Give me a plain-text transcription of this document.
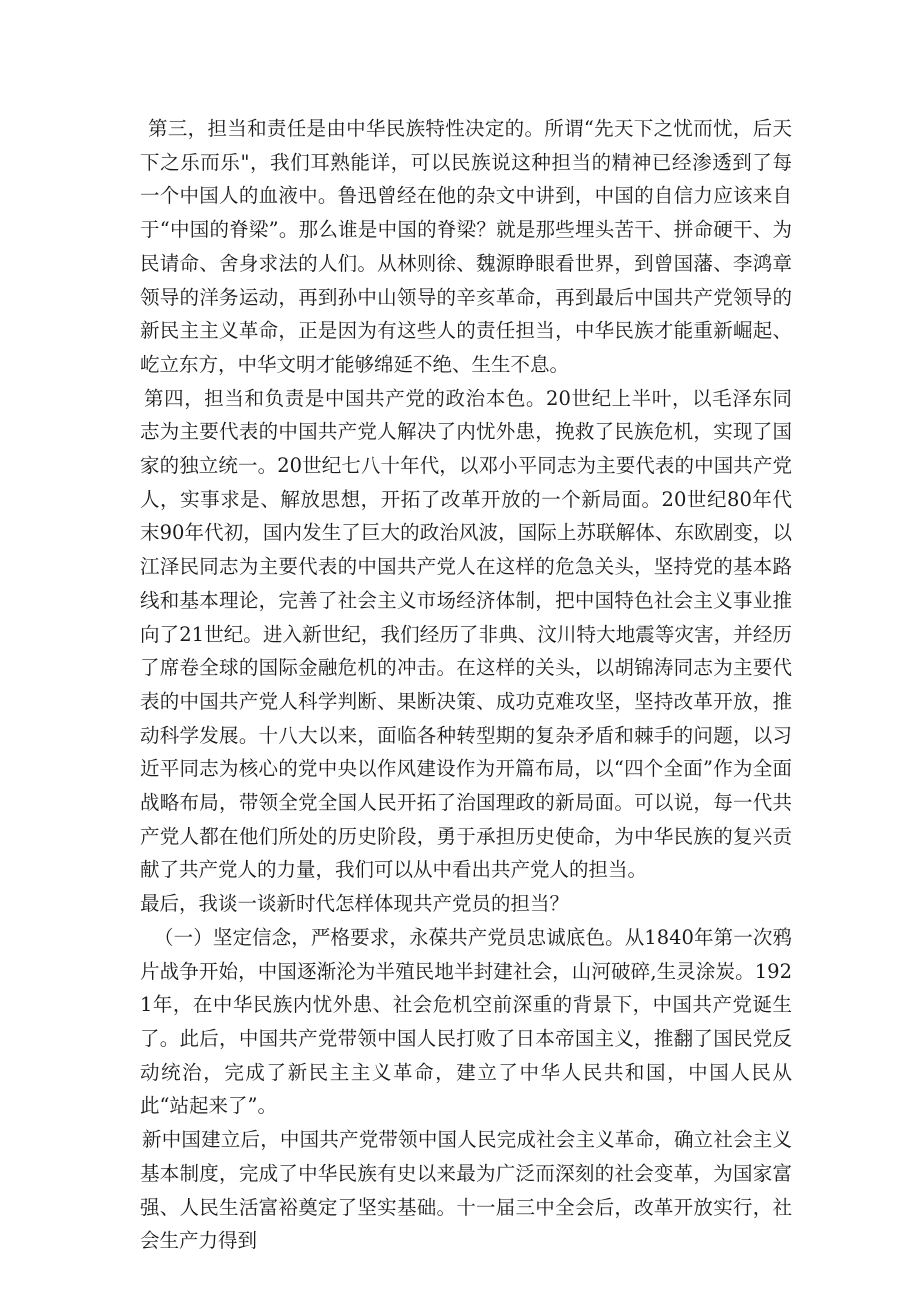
第三，担当和责任是由中华民族特性决定的。所谓“先天下之忧而忧，后天下之乐而乐"，我们耳熟能详，可以民族说这种担当的精神已经渗透到了每一个中国人的血液中。鲁迅曾经在他的杂文中讲到，中国的自信力应该来自于“中国的脊梁”。那么谁是中国的脊梁？就是那些埋头苦干、拼命硬干、为民请命、舍身求法的人们。从林则徐、魏源睁眼看世界，到曾国藩、李鸿章领导的洋务运动，再到孙中山领导的辛亥革命，再到最后中国共产党领导的新民主主义革命，正是因为有这些人的责任担当，中华民族才能重新崛起、屹立东方，中华文明才能够绵延不绝、生生不息。

第四，担当和负责是中国共产党的政治本色。20世纪上半叶，以毛泽东同志为主要代表的中国共产党人解决了内忧外患，挽救了民族危机，实现了国家的独立统一。20世纪七八十年代，以邓小平同志为主要代表的中国共产党人，实事求是、解放思想，开拓了改革开放的一个新局面。20世纪80年代末90年代初，国内发生了巨大的政治风波，国际上苏联解体、东欧剧变，以江泽民同志为主要代表的中国共产党人在这样的危急关头，坚持党的基本路线和基本理论，完善了社会主义市场经济体制，把中国特色社会主义事业推向了21世纪。进入新世纪，我们经历了非典、汶川特大地震等灾害，并经历了席卷全球的国际金融危机的冲击。在这样的关头，以胡锦涛同志为主要代表的中国共产党人科学判断、果断决策、成功克难攻坚，坚持改革开放，推动科学发展。十八大以来，面临各种转型期的复杂矛盾和棘手的问题，以习近平同志为核心的党中央以作风建设作为开篇布局，以“四个全面”作为全面战略布局，带领全党全国人民开拓了治国理政的新局面。可以说，每一代共产党人都在他们所处的历史阶段，勇于承担历史使命，为中华民族的复兴贡献了共产党人的力量，我们可以从中看出共产党人的担当。

最后，我谈一谈新时代怎样体现共产党员的担当？

（一）坚定信念，严格要求，永葆共产党员忠诚底色。从1840年第一次鸦片战争开始，中国逐渐沦为半殖民地半封建社会，山河破碎,生灵涂炭。1921年，在中华民族内忧外患、社会危机空前深重的背景下，中国共产党诞生了。此后，中国共产党带领中国人民打败了日本帝国主义，推翻了国民党反动统治，完成了新民主主义革命，建立了中华人民共和国，中国人民从此“站起来了”。

新中国建立后，中国共产党带领中国人民完成社会主义革命，确立社会主义基本制度，完成了中华民族有史以来最为广泛而深刻的社会变革，为国家富强、人民生活富裕奠定了坚实基础。十一届三中全会后，改革开放实行，社会生产力得到
